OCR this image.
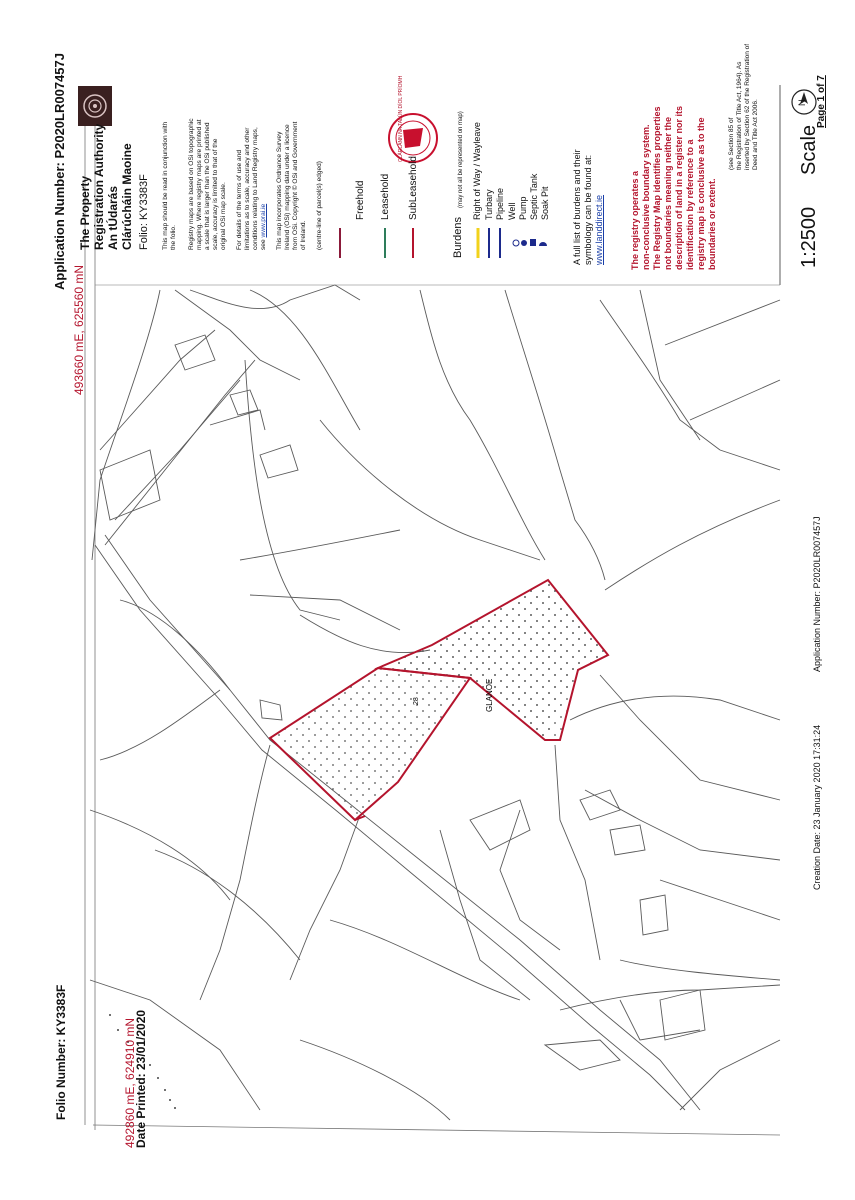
28	GLANOE
Application Number: P2020LR007457J
Folio Number: KY3383F
493660 mE, 625560 mN
492860 mE, 624910 mN
Date Printed: 23/01/2020
Creation Date: 23 January 2020 17:31:24
Application Number: P2020LR007457J
The Property Registration Authority An tÚdarás Clárúcháin Maoine Folio: KY3383F This map should be read in conjunction with the folio. Registry maps are based on OSi topographic mapping. Where registry maps are printed at a scale that is larger than the OSi published scale, accuracy is limited to that of the original OSi map scale. For details of the terms of use and limitations as to scale, accuracy and other conditions relating to Land Registry maps, see www.prai.ie This map incorporates Ordnance Survey Ireland (OSi) mapping data under a licence from OSi. Copyright © OSi and Government of Ireland. (centre-line of parcel(s) edged)	Freehold Leasehold SubLeasehold
Burdens
(may not all be represented on map) Right of Way / Wayleave Turbary Pipeline Well Pump Septic Tank Soak Pit A full list of burdens and their symbology can be found at: www.landdirect.ie	The registry operates a non-conclusive boundary system. The Registry Map identifies properties not boundaries meaning neither the description of land in a register nor its identification by reference to a registry map is conclusive as to the boundaries or extent.
(see Section 85 of the Registration of Title Act, 1964). As inserted by Section 62 of the Registration of Deed and Title Act 2006.
1:2500
Scale
N Page 1 of 7
CLÁRLANN NA TALÚN DÍOL PRÍOMH
